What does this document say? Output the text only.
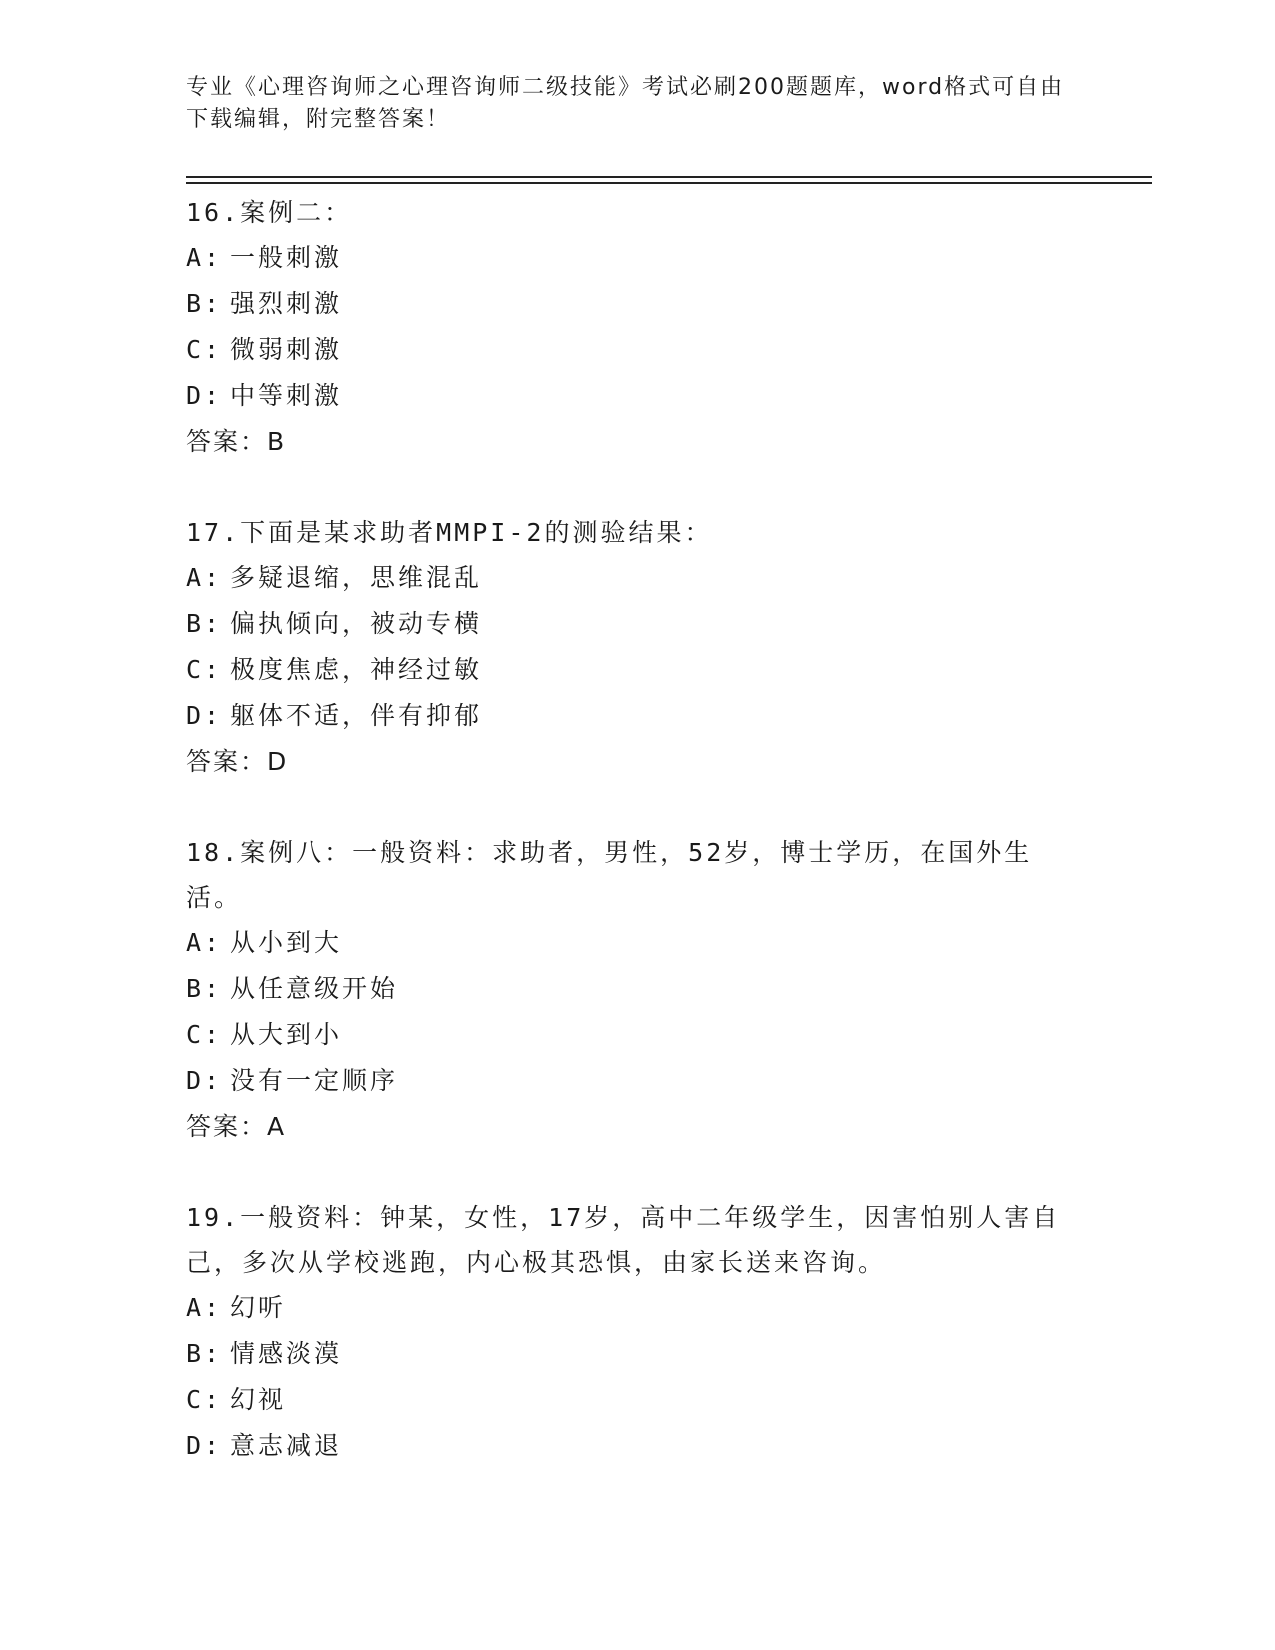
专业《心理咨询师之心理咨询师二级技能》考试必刷200题题库，word格式可自由下载编辑，附完整答案！

16.案例二：

A: 一般刺激

B: 强烈刺激

C: 微弱刺激

D: 中等刺激

答案：B

17.下面是某求助者MMPI-2的测验结果：

A: 多疑退缩，思维混乱

B: 偏执倾向，被动专横

C: 极度焦虑，神经过敏

D: 躯体不适，伴有抑郁

答案：D

18.案例八：一般资料：求助者，男性，52岁，博士学历，在国外生活。

A: 从小到大

B: 从任意级开始

C: 从大到小

D: 没有一定顺序

答案：A

19.一般资料：钟某，女性，17岁，高中二年级学生，因害怕别人害自己，多次从学校逃跑，内心极其恐惧，由家长送来咨询。

A: 幻听

B: 情感淡漠

C: 幻视

D: 意志减退
